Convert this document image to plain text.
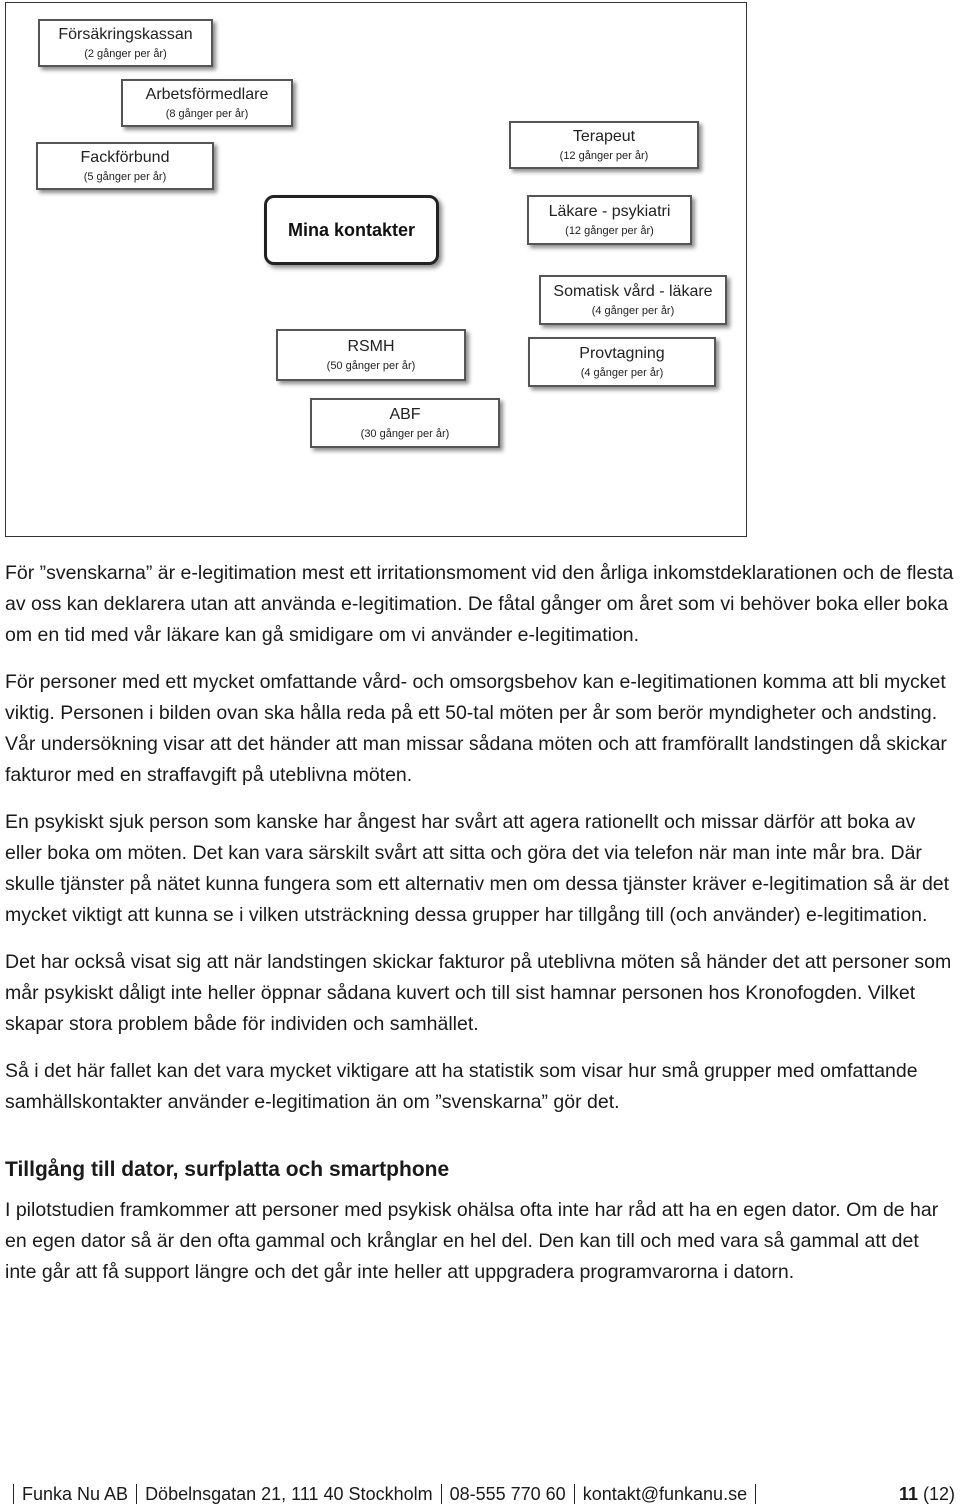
Försäkringskassan
(2 gånger per år)
Arbetsförmedlare
(8 gånger per år)
Fackförbund
(5 gånger per år)
Terapeut
(12 gånger per år)
Mina kontakter
Läkare - psykiatri
(12 gånger per år)
Somatisk vård - läkare
(4 gånger per år)
RSMH
(50 gånger per år)
Provtagning
(4 gånger per år)
ABF
(30 gånger per år)

För ”svenskarna” är e-legitimation mest ett irritationsmoment vid den årliga inkomstdeklarationen och de flesta av oss kan deklarera utan att använda e-legitimation. De fåtal gånger om året som vi behöver boka eller boka om en tid med vår läkare kan gå smidigare om vi använder e-legitimation.

För personer med ett mycket omfattande vård- och omsorgsbehov kan e-legitimationen komma att bli mycket viktig. Personen i bilden ovan ska hålla reda på ett 50-tal möten per år som berör myndigheter och andsting. Vår undersökning visar att det händer att man missar sådana möten och att framförallt landstingen då skickar fakturor med en straffavgift på uteblivna möten.

En psykiskt sjuk person som kanske har ångest har svårt att agera rationellt och missar därför att boka av eller boka om möten. Det kan vara särskilt svårt att sitta och göra det via telefon när man inte mår bra. Där skulle tjänster på nätet kunna fungera som ett alternativ men om dessa tjänster kräver e-legitimation så är det mycket viktigt att kunna se i vilken utsträckning dessa grupper har tillgång till (och använder) e-legitimation.

Det har också visat sig att när landstingen skickar fakturor på uteblivna möten så händer det att personer som mår psykiskt dåligt inte heller öppnar sådana kuvert och till sist hamnar personen hos Kronofogden. Vilket skapar stora problem både för individen och samhället.

Så i det här fallet kan det vara mycket viktigare att ha statistik som visar hur små grupper med omfattande samhällskontakter använder e-legitimation än om ”svenskarna” gör det.

Tillgång till dator, surfplatta och smartphone

I pilotstudien framkommer att personer med psykisk ohälsa ofta inte har råd att ha en egen dator. Om de har en egen dator så är den ofta gammal och krånglar en hel del. Den kan till och med vara så gammal att det inte går att få support längre och det går inte heller att uppgradera programvarorna i datorn.

Funka Nu AB Döbelnsgatan 21, 111 40 Stockholm 08-555 770 60 kontakt@funkanu.se	11
(12)
